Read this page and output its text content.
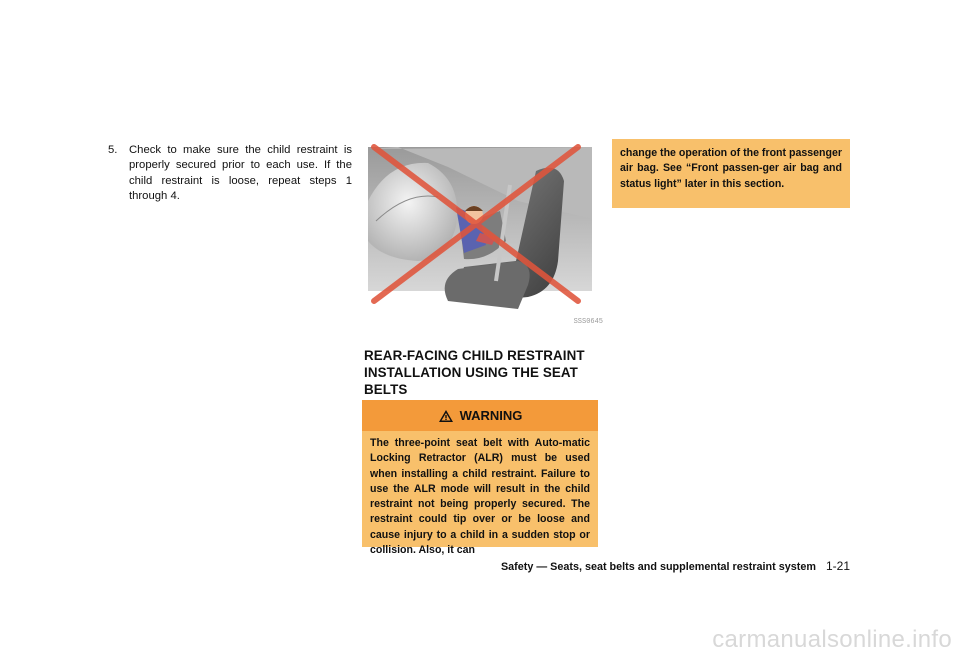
5.	Check to make sure the child restraint is properly secured prior to each use. If the child restraint is loose, repeat steps 1 through 4.
SSS0645
REAR-FACING CHILD RESTRAINT INSTALLATION USING THE SEAT BELTS
WARNING
The three-point seat belt with Auto-matic Locking Retractor (ALR) must be used when installing a child restraint. Failure to use the ALR mode will result in the child restraint not being properly secured. The restraint could tip over or be loose and cause injury to a child in a sudden stop or collision. Also, it can
change the operation of the front passenger air bag. See “Front passen-ger air bag and status light” later in this section.
Safety — Seats, seat belts and supplemental restraint system 1-21
carmanualsonline.info
